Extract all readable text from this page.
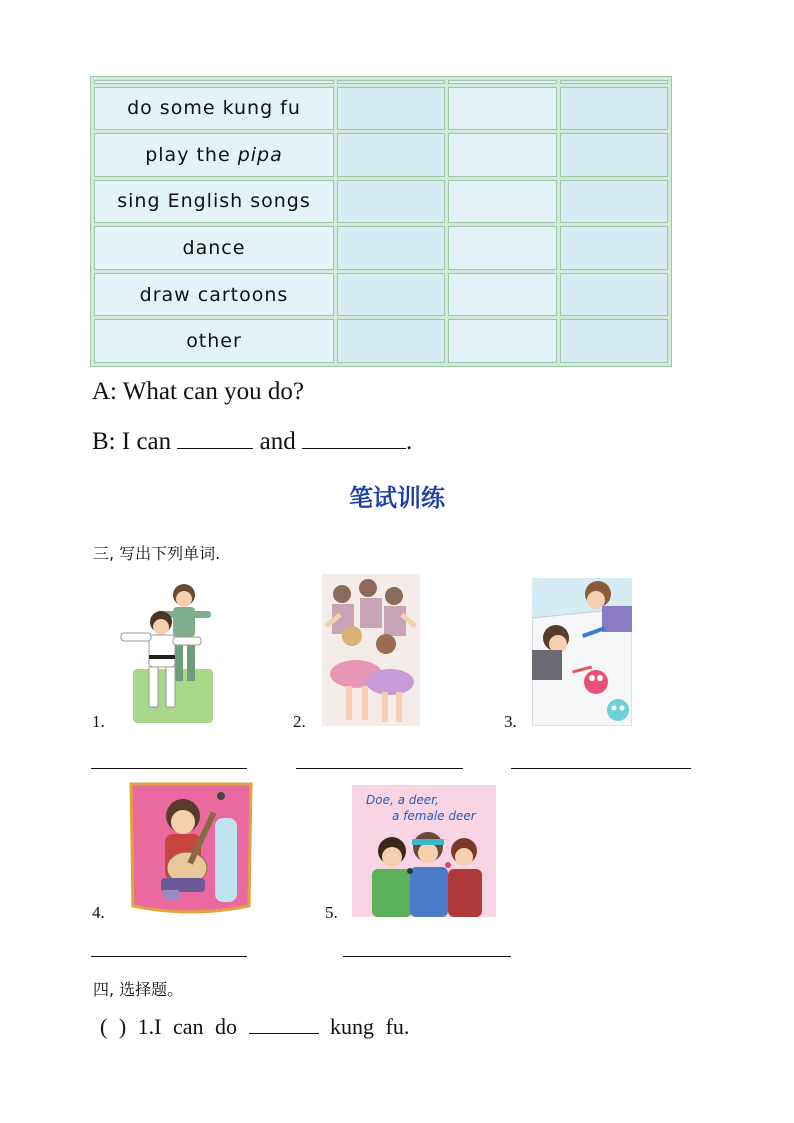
do some kung fu			
play the pipa			
sing English songs			
dance			
draw cartoons			
other			
A: What can you do?
B: I can	and	.
笔试训练
三, 写出下列单词.
1.	2.	3.
4.
Doe, a deer,
a female deer
5.
四, 选择题。
( ) 1.I can do	kung fu.
